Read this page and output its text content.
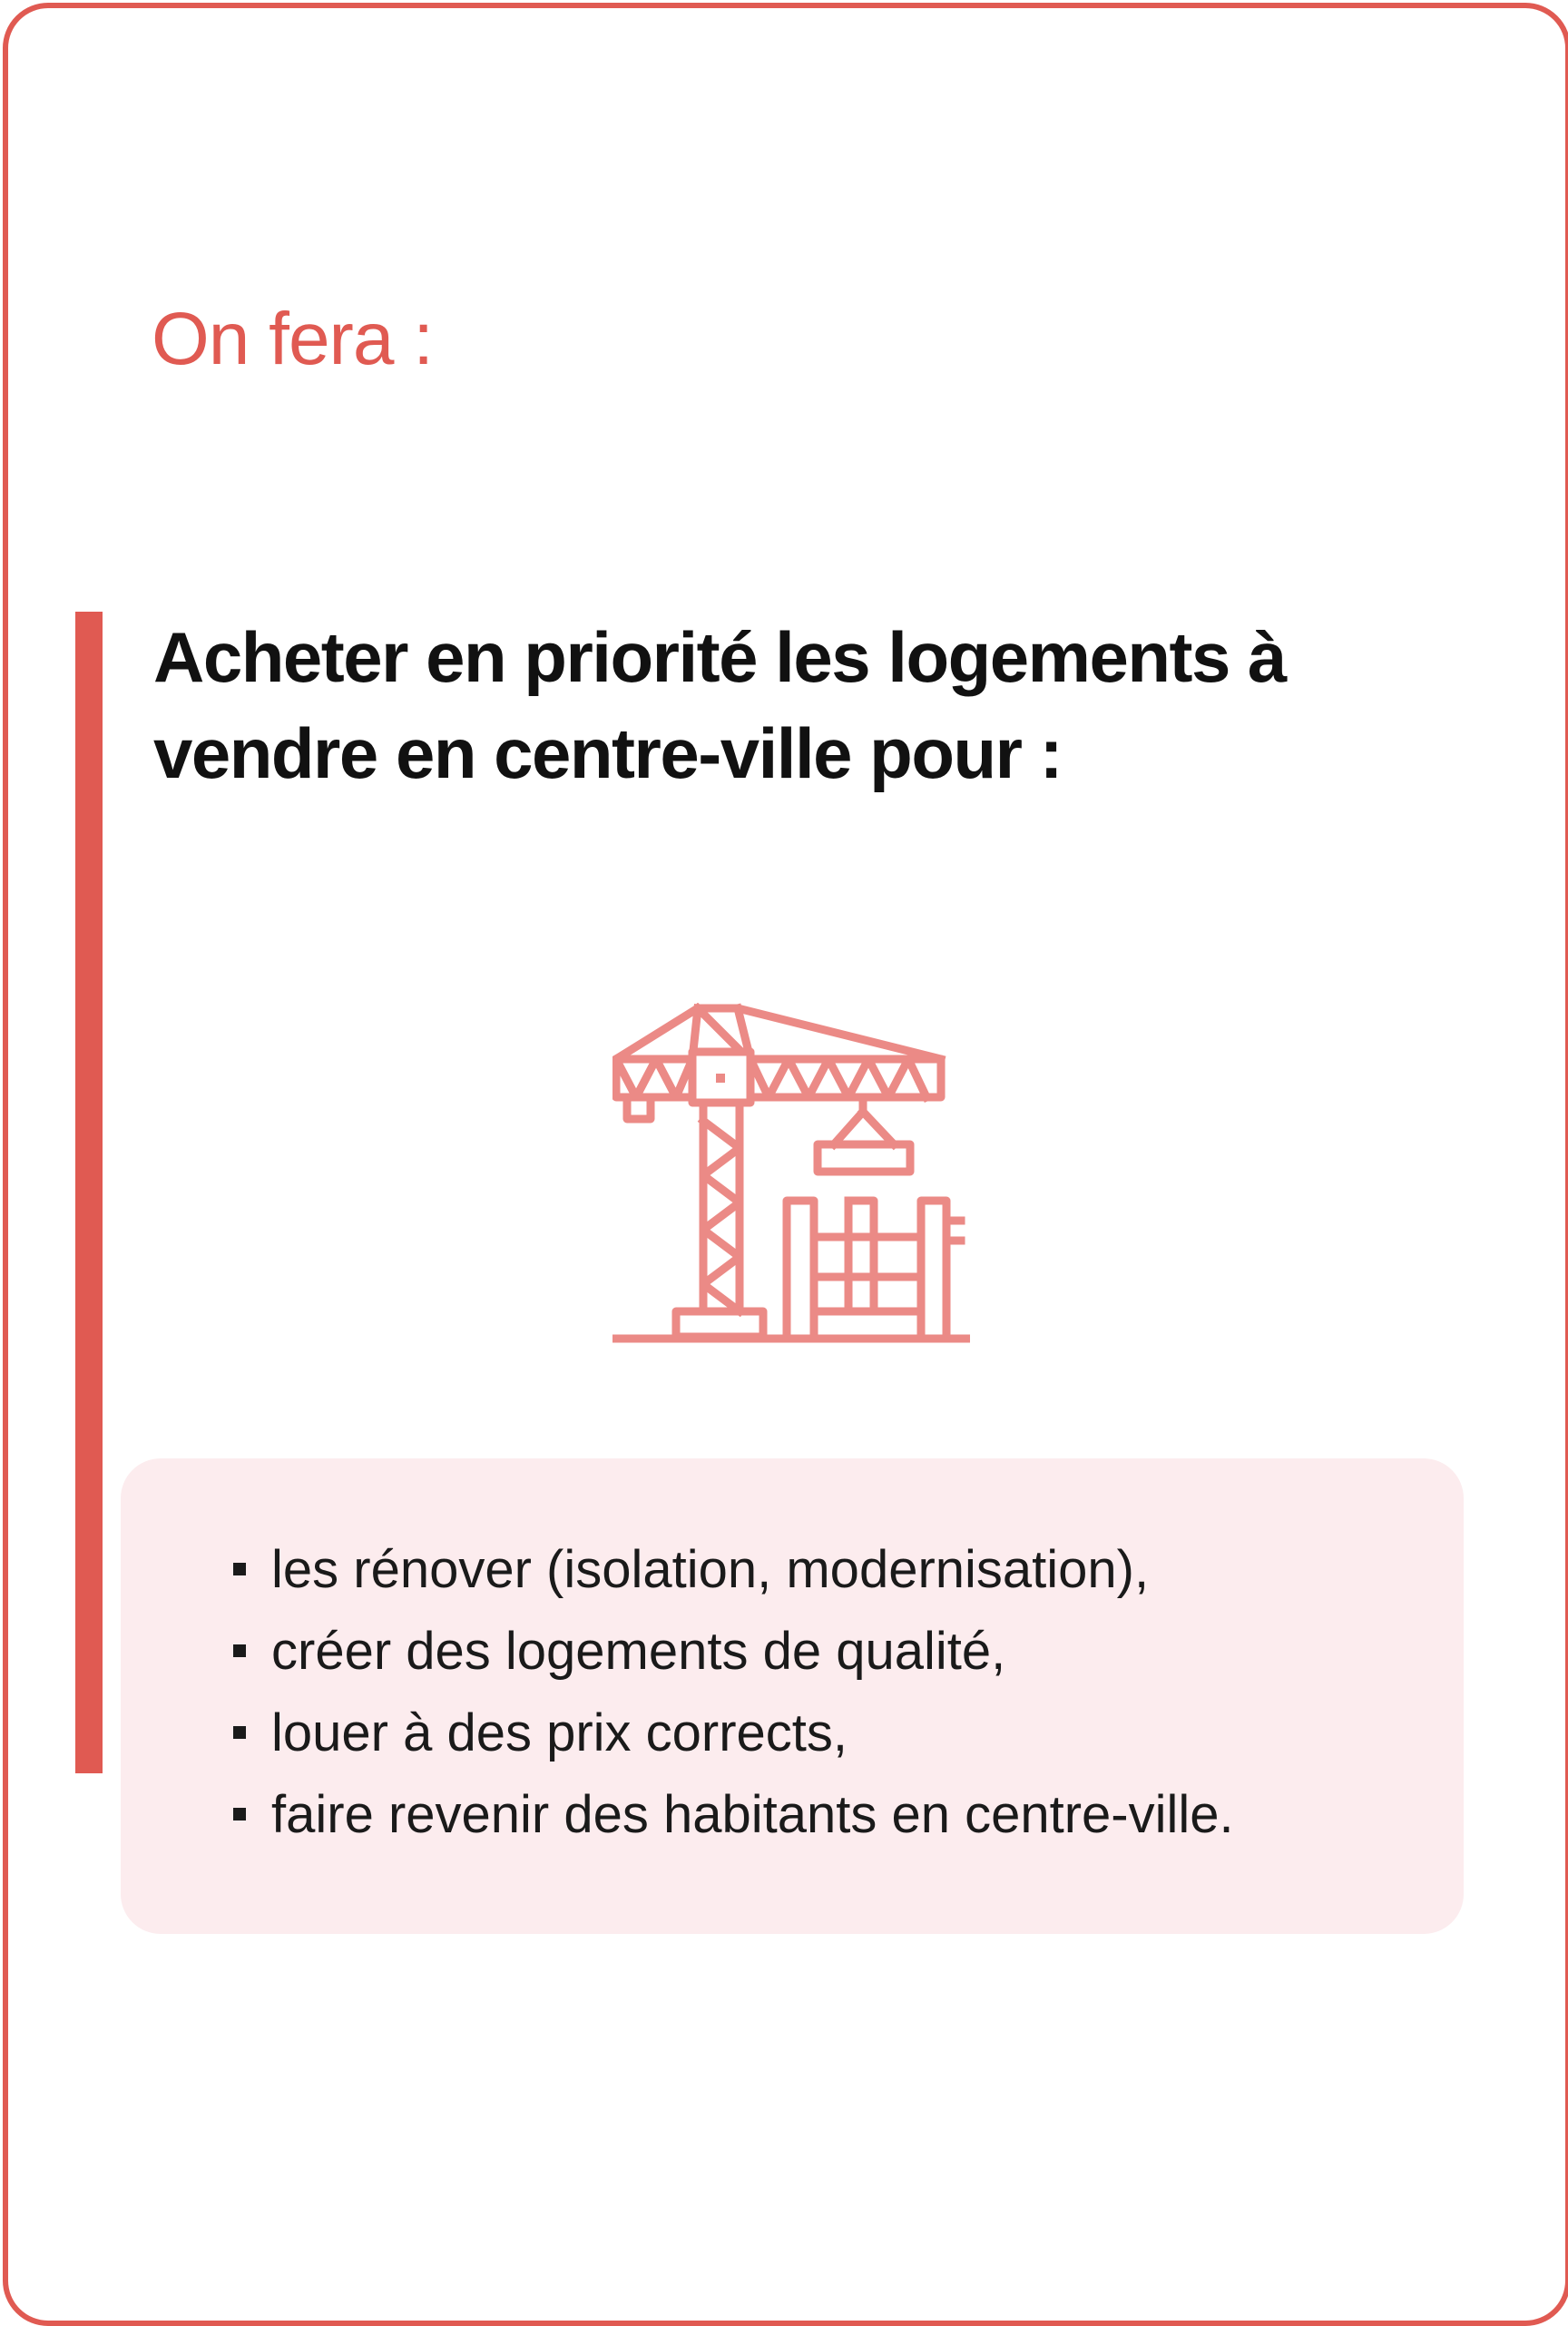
On fera :
Acheter en priorité les logements à
vendre en centre-ville pour :
les rénover (isolation, modernisation),
créer des logements de qualité,
louer à des prix corrects,
faire revenir des habitants en centre-ville.
